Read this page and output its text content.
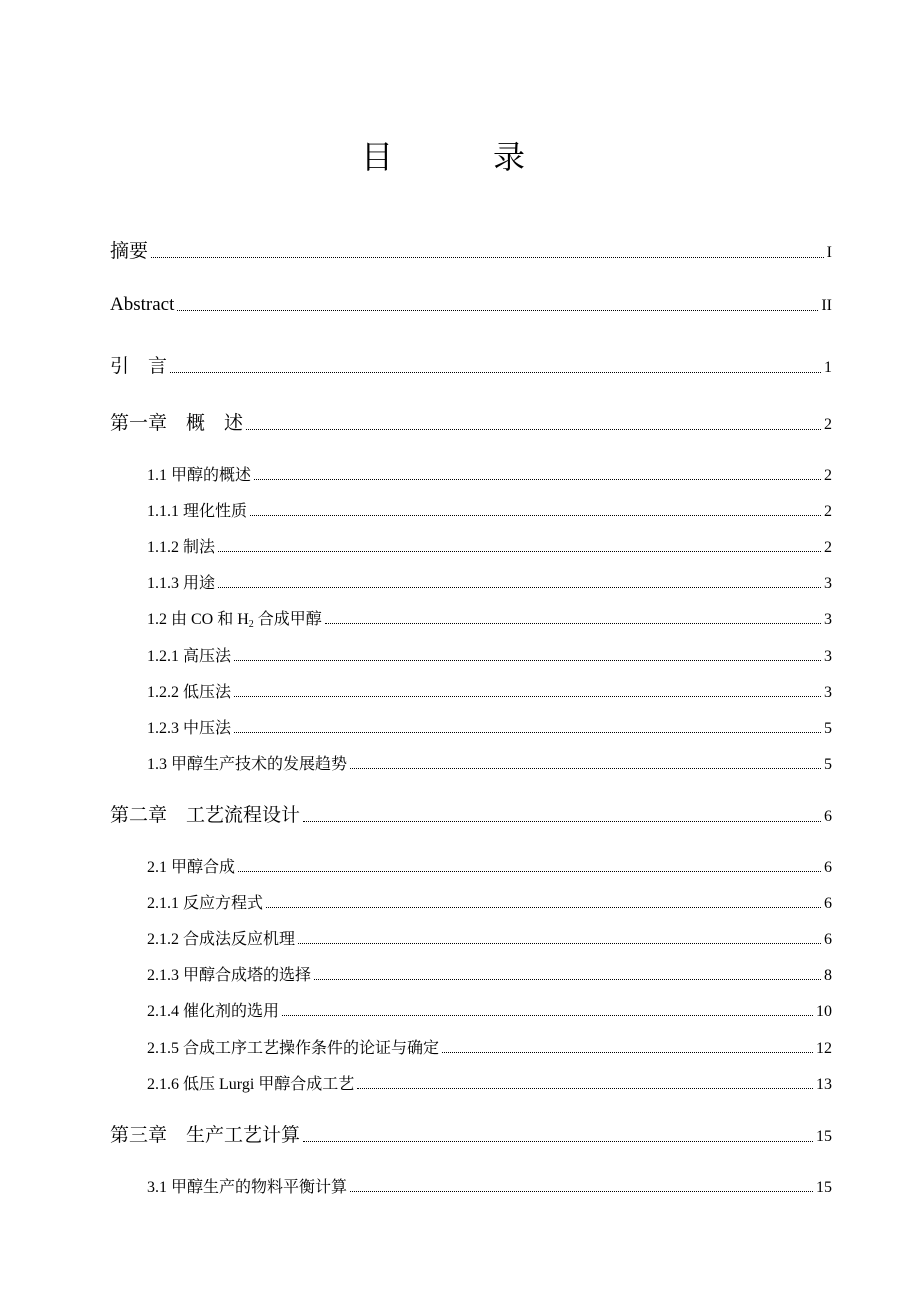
目　录
摘要	I
Abstract	II
引　言	1
第一章　概　述	2
1.1 甲醇的概述	2
1.1.1 理化性质	2
1.1.2 制法	2
1.1.3 用途	3
1.2 由 CO 和 $H_2$ 合成甲醇	3
1.2.1 高压法	3
1.2.2 低压法	3
1.2.3 中压法	5
1.3 甲醇生产技术的发展趋势	5
第二章　工艺流程设计	6
2.1 甲醇合成	6
2.1.1 反应方程式	6
2.1.2 合成法反应机理	6
2.1.3 甲醇合成塔的选择	8
2.1.4 催化剂的选用	10
2.1.5 合成工序工艺操作条件的论证与确定	12
2.1.6 低压 Lurgi 甲醇合成工艺	13
第三章　生产工艺计算	15
3.1 甲醇生产的物料平衡计算	15
